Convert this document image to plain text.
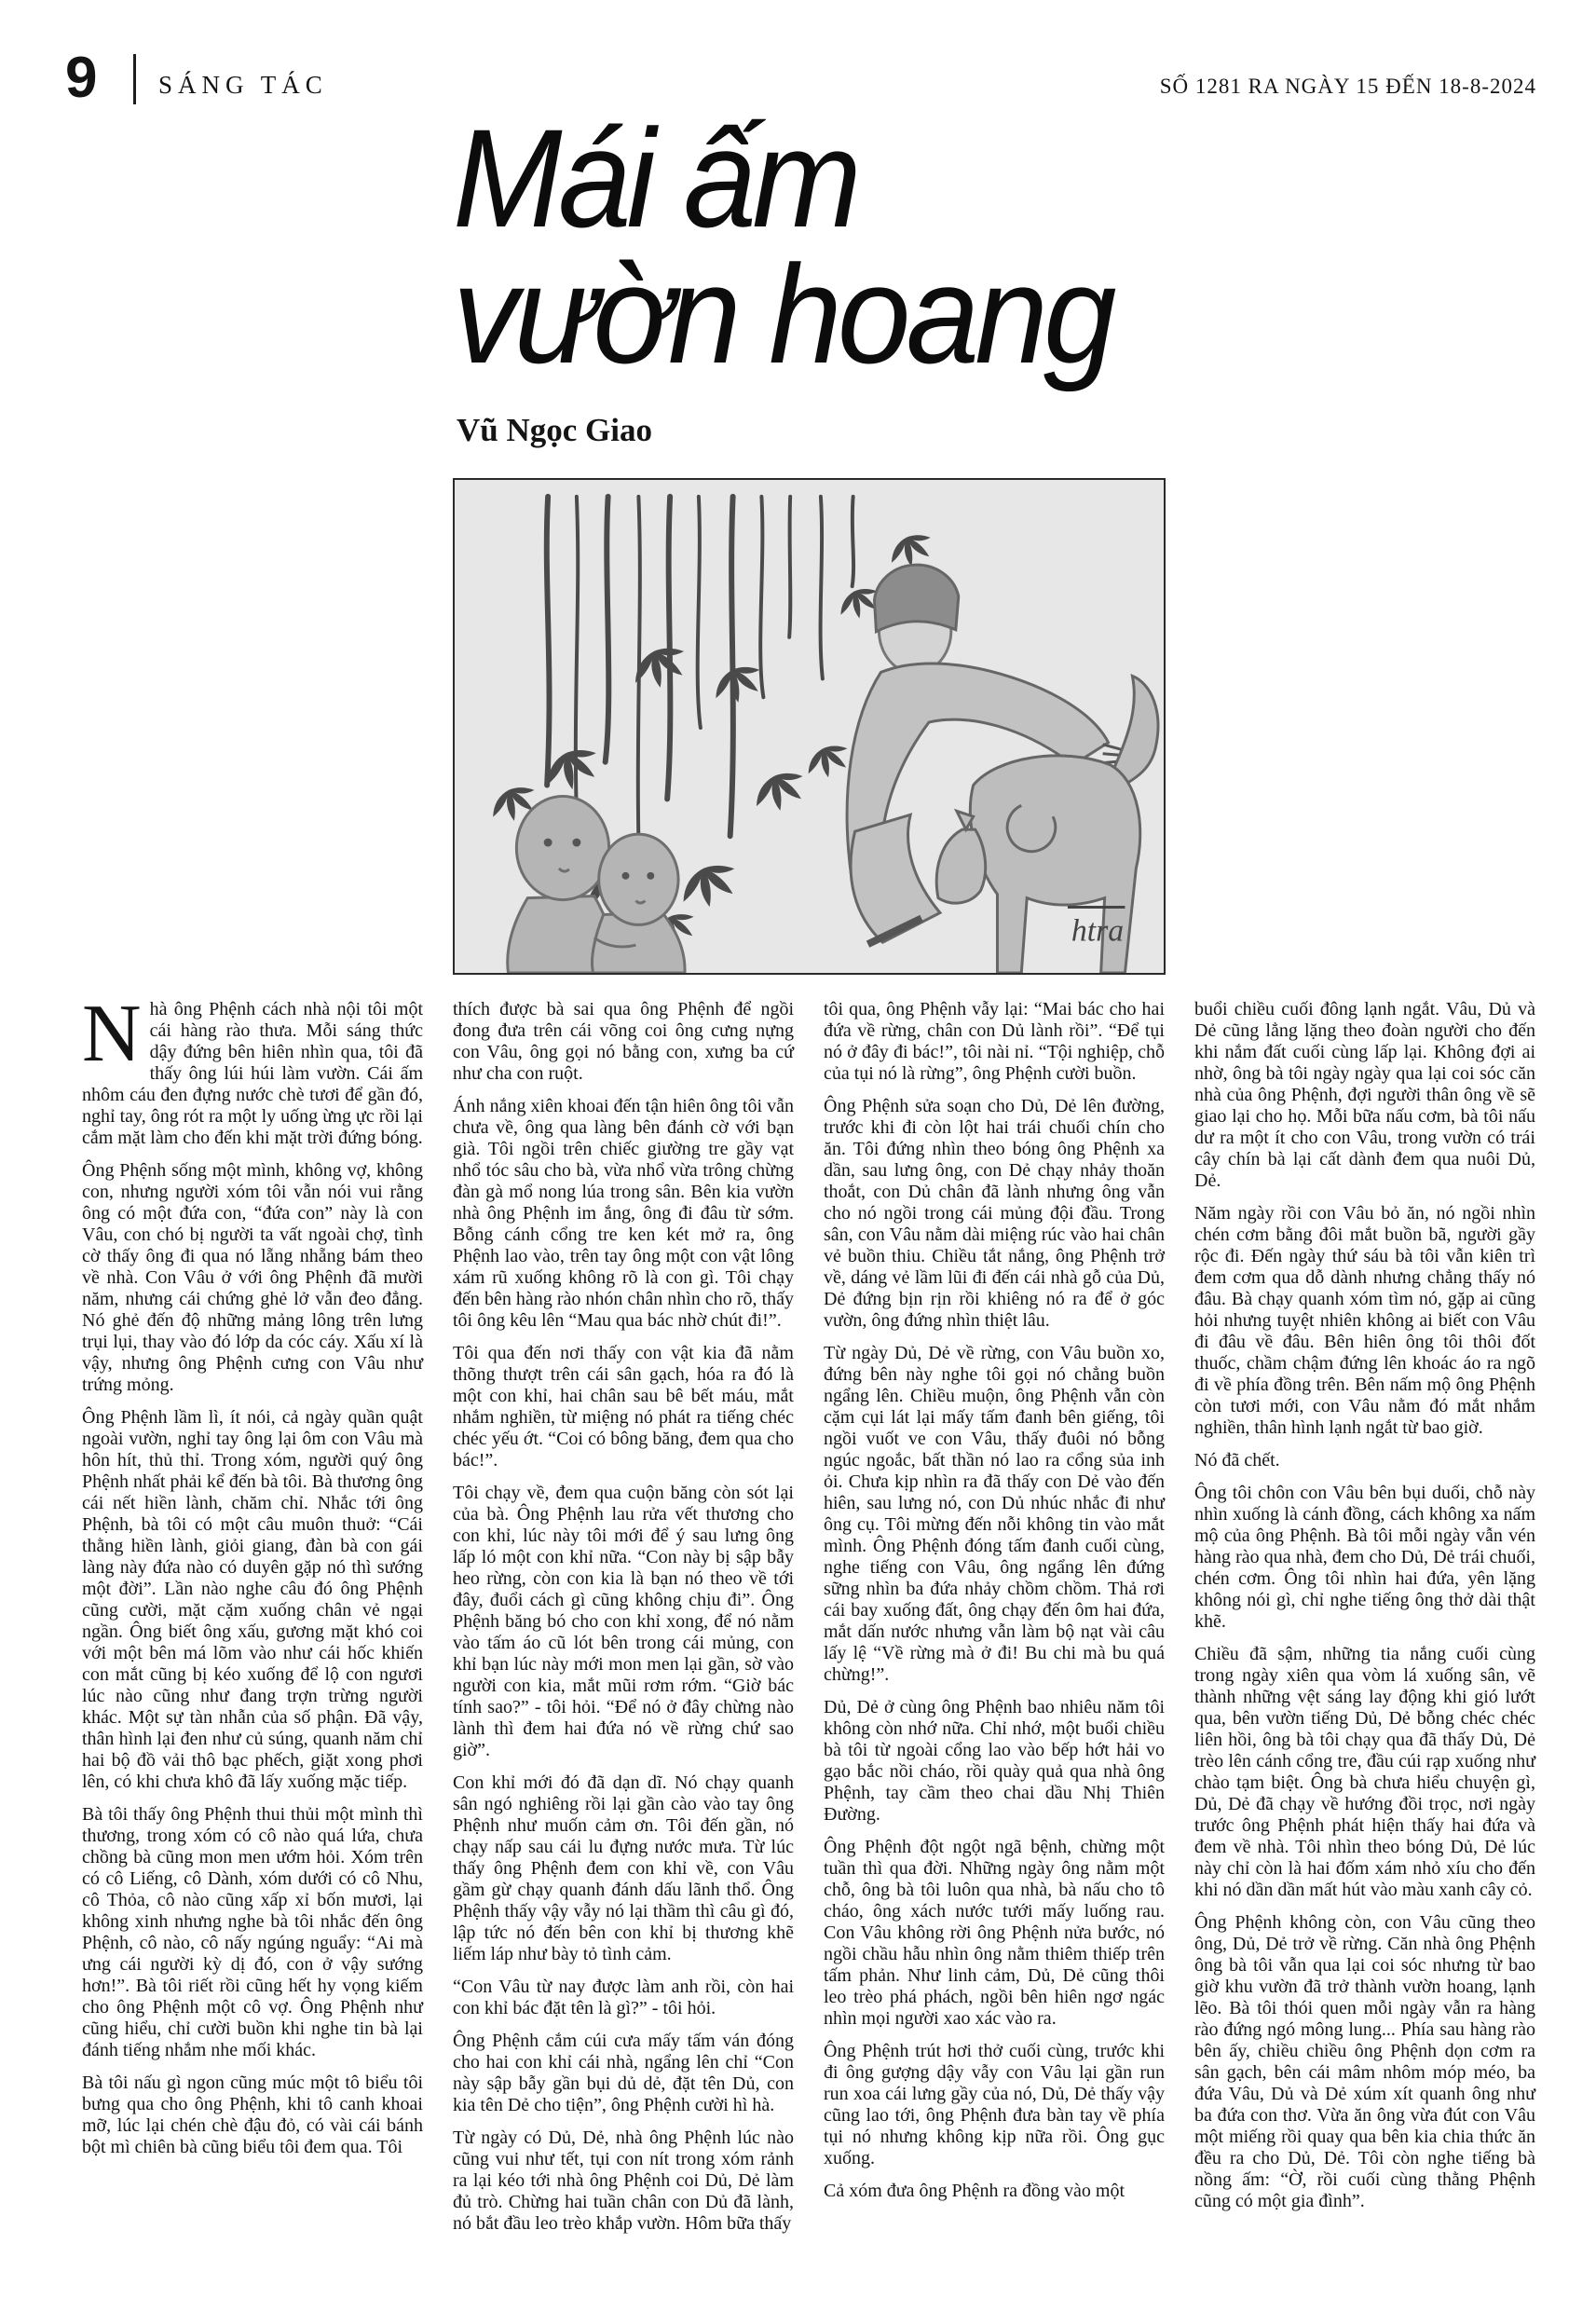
9	SÁNG TÁC	SỐ 1281 RA NGÀY 15 ĐẾN 18-8-2024
Mái ấm
vườn hoang
Vũ Ngọc Giao
htra

Nhà ông Phệnh cách nhà nội tôi một cái hàng rào thưa. Mỗi sáng thức dậy đứng bên hiên nhìn qua, tôi đã thấy ông lúi húi làm vườn. Cái ấm nhôm cáu đen đựng nước chè tươi để gần đó, nghỉ tay, ông rót ra một ly uống ừng ực rồi lại cắm mặt làm cho đến khi mặt trời đứng bóng.

Ông Phệnh sống một mình, không vợ, không con, nhưng người xóm tôi vẫn nói vui rằng ông có một đứa con, “đứa con” này là con Vâu, con chó bị người ta vất ngoài chợ, tình cờ thấy ông đi qua nó lẵng nhẵng bám theo về nhà. Con Vâu ở với ông Phệnh đã mười năm, nhưng cái chứng ghẻ lở vẫn đeo đẳng. Nó ghẻ đến độ những mảng lông trên lưng trụi lụi, thay vào đó lớp da cóc cáy. Xấu xí là vậy, nhưng ông Phệnh cưng con Vâu như trứng mỏng.

Ông Phệnh lầm lì, ít nói, cả ngày quần quật ngoài vườn, nghỉ tay ông lại ôm con Vâu mà hôn hít, thủ thỉ. Trong xóm, người quý ông Phệnh nhất phải kể đến bà tôi. Bà thương ông cái nết hiền lành, chăm chỉ. Nhắc tới ông Phệnh, bà tôi có một câu muôn thuở: “Cái thằng hiền lành, giỏi giang, đàn bà con gái làng này đứa nào có duyên gặp nó thì sướng một đời”. Lần nào nghe câu đó ông Phệnh cũng cười, mặt cặm xuống chân vẻ ngại ngần. Ông biết ông xấu, gương mặt khó coi với một bên má lõm vào như cái hốc khiến con mắt cũng bị kéo xuống để lộ con ngươi lúc nào cũng như đang trợn trừng người khác. Một sự tàn nhẫn của số phận. Đã vậy, thân hình lại đen như củ súng, quanh năm chỉ hai bộ đồ vải thô bạc phếch, giặt xong phơi lên, có khi chưa khô đã lấy xuống mặc tiếp.

Bà tôi thấy ông Phệnh thui thủi một mình thì thương, trong xóm có cô nào quá lứa, chưa chồng bà cũng mon men ướm hỏi. Xóm trên có cô Liếng, cô Dành, xóm dưới có cô Nhu, cô Thỏa, cô nào cũng xấp xỉ bốn mươi, lại không xinh nhưng nghe bà tôi nhắc đến ông Phệnh, cô nào, cô nấy ngúng nguẩy: “Ai mà ưng cái người kỳ dị đó, con ở vậy sướng hơn!”. Bà tôi riết rồi cũng hết hy vọng kiếm cho ông Phệnh một cô vợ. Ông Phệnh như cũng hiểu, chỉ cười buồn khi nghe tin bà lại đánh tiếng nhắm nhe mối khác.

Bà tôi nấu gì ngon cũng múc một tô biểu tôi bưng qua cho ông Phệnh, khi tô canh khoai mỡ, lúc lại chén chè đậu đỏ, có vài cái bánh bột mì chiên bà cũng biểu tôi đem qua. Tôi

thích được bà sai qua ông Phệnh để ngồi đong đưa trên cái võng coi ông cưng nựng con Vâu, ông gọi nó bằng con, xưng ba cứ như cha con ruột.

Ánh nắng xiên khoai đến tận hiên ông tôi vẫn chưa về, ông qua làng bên đánh cờ với bạn già. Tôi ngồi trên chiếc giường tre gầy vạt nhổ tóc sâu cho bà, vừa nhổ vừa trông chừng đàn gà mổ nong lúa trong sân. Bên kia vườn nhà ông Phệnh im ắng, ông đi đâu từ sớm. Bỗng cánh cổng tre ken két mở ra, ông Phệnh lao vào, trên tay ông một con vật lông xám rũ xuống không rõ là con gì. Tôi chạy đến bên hàng rào nhón chân nhìn cho rõ, thấy tôi ông kêu lên “Mau qua bác nhờ chút đi!”.

Tôi qua đến nơi thấy con vật kia đã nằm thõng thượt trên cái sân gạch, hóa ra đó là một con khỉ, hai chân sau bê bết máu, mắt nhắm nghiền, từ miệng nó phát ra tiếng chéc chéc yếu ớt. “Coi có bông băng, đem qua cho bác!”.

Tôi chạy về, đem qua cuộn băng còn sót lại của bà. Ông Phệnh lau rửa vết thương cho con khỉ, lúc này tôi mới để ý sau lưng ông lấp ló một con khỉ nữa. “Con này bị sập bẫy heo rừng, còn con kia là bạn nó theo về tới đây, đuổi cách gì cũng không chịu đi”. Ông Phệnh băng bó cho con khỉ xong, để nó nằm vào tấm áo cũ lót bên trong cái mủng, con khỉ bạn lúc này mới mon men lại gần, sờ vào người con kia, mắt mũi rơm rớm. “Giờ bác tính sao?” - tôi hỏi. “Để nó ở đây chừng nào lành thì đem hai đứa nó về rừng chứ sao giờ”.

Con khỉ mới đó đã dạn dĩ. Nó chạy quanh sân ngó nghiêng rồi lại gần cào vào tay ông Phệnh như muốn cảm ơn. Tôi đến gần, nó chạy nấp sau cái lu đựng nước mưa. Từ lúc thấy ông Phệnh đem con khỉ về, con Vâu gầm gừ chạy quanh đánh dấu lãnh thổ. Ông Phệnh thấy vậy vẫy nó lại thầm thì câu gì đó, lập tức nó đến bên con khỉ bị thương khẽ liếm láp như bày tỏ tình cảm.

“Con Vâu từ nay được làm anh rồi, còn hai con khỉ bác đặt tên là gì?” - tôi hỏi.

Ông Phệnh cắm cúi cưa mấy tấm ván đóng cho hai con khỉ cái nhà, ngẩng lên chỉ “Con này sập bẫy gần bụi dủ dẻ, đặt tên Dủ, con kia tên Dẻ cho tiện”, ông Phệnh cười hì hà.

Từ ngày có Dủ, Dẻ, nhà ông Phệnh lúc nào cũng vui như tết, tụi con nít trong xóm rảnh ra lại kéo tới nhà ông Phệnh coi Dủ, Dẻ làm đủ trò. Chừng hai tuần chân con Dủ đã lành, nó bắt đầu leo trèo khắp vườn. Hôm bữa thấy

tôi qua, ông Phệnh vẫy lại: “Mai bác cho hai đứa về rừng, chân con Dủ lành rồi”. “Để tụi nó ở đây đi bác!”, tôi nài nỉ. “Tội nghiệp, chỗ của tụi nó là rừng”, ông Phệnh cười buồn.

Ông Phệnh sửa soạn cho Dủ, Dẻ lên đường, trước khi đi còn lột hai trái chuối chín cho ăn. Tôi đứng nhìn theo bóng ông Phệnh xa dần, sau lưng ông, con Dẻ chạy nhảy thoăn thoắt, con Dủ chân đã lành nhưng ông vẫn cho nó ngồi trong cái mủng đội đầu. Trong sân, con Vâu nằm dài miệng rúc vào hai chân vẻ buồn thiu. Chiều tắt nắng, ông Phệnh trở về, dáng vẻ lầm lũi đi đến cái nhà gỗ của Dủ, Dẻ đứng bịn rịn rồi khiêng nó ra để ở góc vườn, ông đứng nhìn thiệt lâu.

Từ ngày Dủ, Dẻ về rừng, con Vâu buồn xo, đứng bên này nghe tôi gọi nó chẳng buồn ngẩng lên. Chiều muộn, ông Phệnh vẫn còn cặm cụi lát lại mấy tấm đanh bên giếng, tôi ngồi vuốt ve con Vâu, thấy đuôi nó bỗng ngúc ngoắc, bất thần nó lao ra cổng sủa inh ỏi. Chưa kịp nhìn ra đã thấy con Dẻ vào đến hiên, sau lưng nó, con Dủ nhúc nhắc đi như ông cụ. Tôi mừng đến nỗi không tin vào mắt mình. Ông Phệnh đóng tấm đanh cuối cùng, nghe tiếng con Vâu, ông ngẩng lên đứng sững nhìn ba đứa nhảy chồm chồm. Thả rơi cái bay xuống đất, ông chạy đến ôm hai đứa, mắt dấn nước nhưng vẫn làm bộ nạt vài câu lấy lệ “Về rừng mà ở đi! Bu chi mà bu quá chừng!”.

Dủ, Dẻ ở cùng ông Phệnh bao nhiêu năm tôi không còn nhớ nữa. Chỉ nhớ, một buổi chiều bà tôi từ ngoài cổng lao vào bếp hớt hải vo gạo bắc nồi cháo, rồi quày quả qua nhà ông Phệnh, tay cầm theo chai dầu Nhị Thiên Đường.

Ông Phệnh đột ngột ngã bệnh, chừng một tuần thì qua đời. Những ngày ông nằm một chỗ, ông bà tôi luôn qua nhà, bà nấu cho tô cháo, ông xách nước tưới mấy luống rau. Con Vâu không rời ông Phệnh nửa bước, nó ngồi chầu hẫu nhìn ông nằm thiêm thiếp trên tấm phản. Như linh cảm, Dủ, Dẻ cũng thôi leo trèo phá phách, ngồi bên hiên ngơ ngác nhìn mọi người xao xác vào ra.

Ông Phệnh trút hơi thở cuối cùng, trước khi đi ông gượng dậy vẫy con Vâu lại gần run run xoa cái lưng gầy của nó, Dủ, Dẻ thấy vậy cũng lao tới, ông Phệnh đưa bàn tay về phía tụi nó nhưng không kịp nữa rồi. Ông gục xuống.

Cả xóm đưa ông Phệnh ra đồng vào một

buổi chiều cuối đông lạnh ngắt. Vâu, Dủ và Dẻ cũng lẳng lặng theo đoàn người cho đến khi nắm đất cuối cùng lấp lại. Không đợi ai nhờ, ông bà tôi ngày ngày qua lại coi sóc căn nhà của ông Phệnh, đợi người thân ông về sẽ giao lại cho họ. Mỗi bữa nấu cơm, bà tôi nấu dư ra một ít cho con Vâu, trong vườn có trái cây chín bà lại cất dành đem qua nuôi Dủ, Dẻ.

Năm ngày rồi con Vâu bỏ ăn, nó ngồi nhìn chén cơm bằng đôi mắt buồn bã, người gầy rộc đi. Đến ngày thứ sáu bà tôi vẫn kiên trì đem cơm qua dỗ dành nhưng chẳng thấy nó đâu. Bà chạy quanh xóm tìm nó, gặp ai cũng hỏi nhưng tuyệt nhiên không ai biết con Vâu đi đâu về đâu. Bên hiên ông tôi thôi đốt thuốc, chầm chậm đứng lên khoác áo ra ngõ đi về phía đồng trên. Bên nấm mộ ông Phệnh còn tươi mới, con Vâu nằm đó mắt nhắm nghiền, thân hình lạnh ngắt từ bao giờ.

Nó đã chết.

Ông tôi chôn con Vâu bên bụi duối, chỗ này nhìn xuống là cánh đồng, cách không xa nấm mộ của ông Phệnh. Bà tôi mỗi ngày vẫn vén hàng rào qua nhà, đem cho Dủ, Dẻ trái chuối, chén cơm. Ông tôi nhìn hai đứa, yên lặng không nói gì, chỉ nghe tiếng ông thở dài thật khẽ.

Chiều đã sậm, những tia nắng cuối cùng trong ngày xiên qua vòm lá xuống sân, vẽ thành những vệt sáng lay động khi gió lướt qua, bên vườn tiếng Dủ, Dẻ bỗng chéc chéc liên hồi, ông bà tôi chạy qua đã thấy Dủ, Dẻ trèo lên cánh cổng tre, đầu cúi rạp xuống như chào tạm biệt. Ông bà chưa hiểu chuyện gì, Dủ, Dẻ đã chạy về hướng đồi trọc, nơi ngày trước ông Phệnh phát hiện thấy hai đứa và đem về nhà. Tôi nhìn theo bóng Dủ, Dẻ lúc này chỉ còn là hai đốm xám nhỏ xíu cho đến khi nó dần dần mất hút vào màu xanh cây cỏ.

Ông Phệnh không còn, con Vâu cũng theo ông, Dủ, Dẻ trở về rừng. Căn nhà ông Phệnh ông bà tôi vẫn qua lại coi sóc nhưng từ bao giờ khu vườn đã trở thành vườn hoang, lạnh lẽo. Bà tôi thói quen mỗi ngày vẫn ra hàng rào đứng ngó mông lung... Phía sau hàng rào bên ấy, chiều chiều ông Phệnh dọn cơm ra sân gạch, bên cái mâm nhôm móp méo, ba đứa Vâu, Dủ và Dẻ xúm xít quanh ông như ba đứa con thơ. Vừa ăn ông vừa đút con Vâu một miếng rồi quay qua bên kia chia thức ăn đều ra cho Dủ, Dẻ. Tôi còn nghe tiếng bà nồng ấm: “Ờ, rồi cuối cùng thằng Phệnh cũng có một gia đình”.
